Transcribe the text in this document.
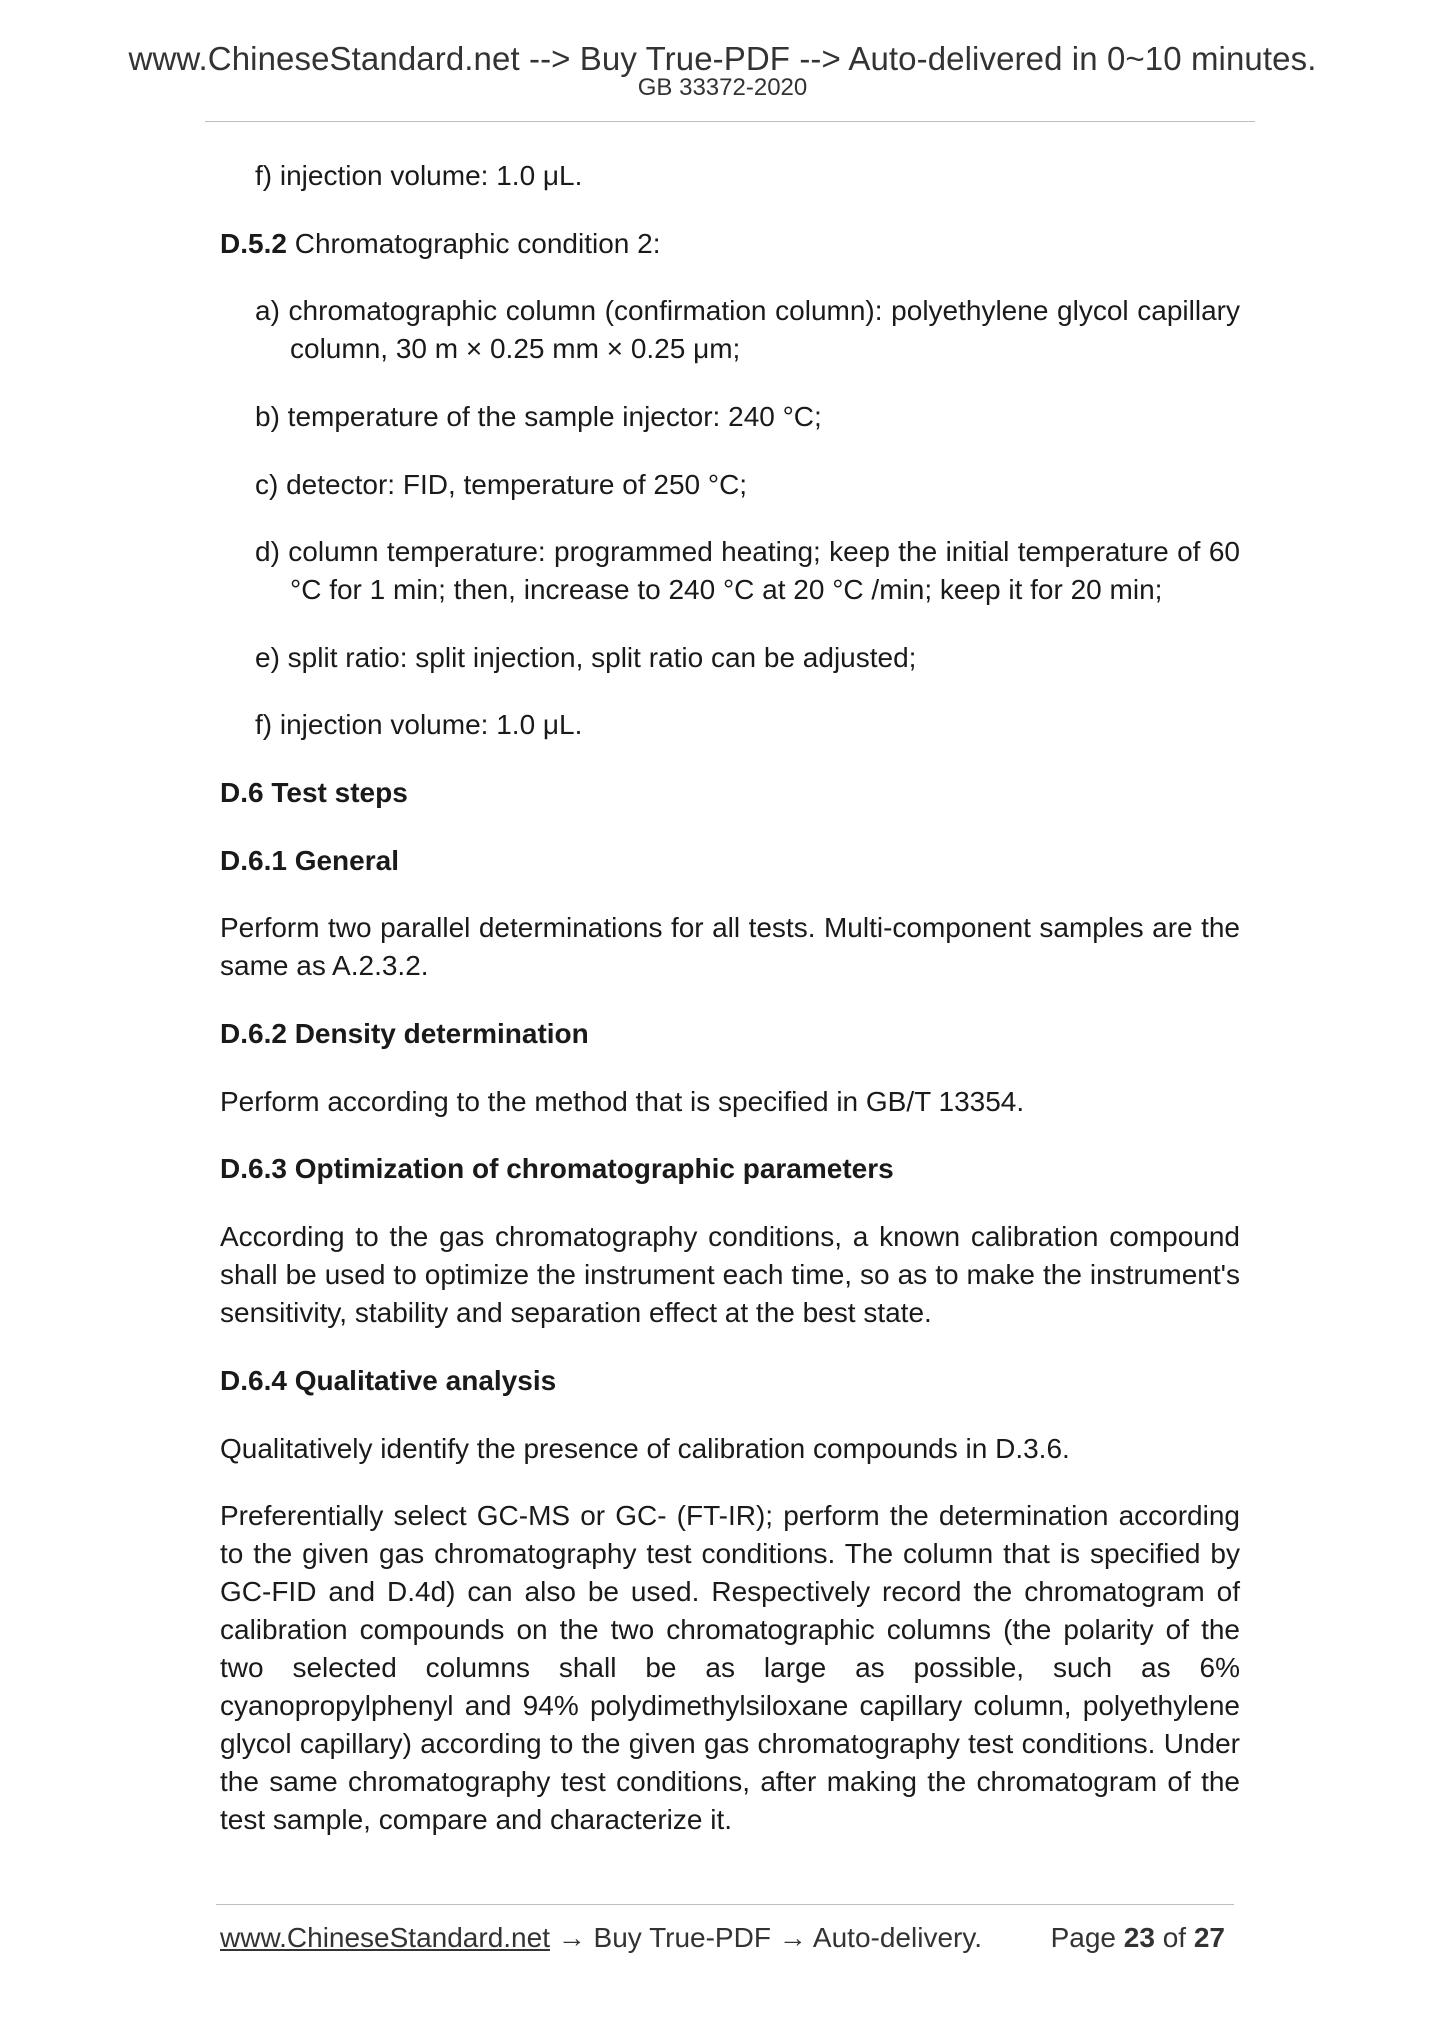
www.ChineseStandard.net --> Buy True-PDF --> Auto-delivered in 0~10 minutes.
GB 33372-2020

f) injection volume: 1.0 μL.

D.5.2 Chromatographic condition 2:

a) chromatographic column (confirmation column): polyethylene glycol capillary column, 30 m × 0.25 mm × 0.25 μm;

b) temperature of the sample injector: 240 °C;

c) detector: FID, temperature of 250 °C;

d) column temperature: programmed heating; keep the initial temperature of 60 °C for 1 min; then, increase to 240 °C at 20 °C /min; keep it for 20 min;

e) split ratio: split injection, split ratio can be adjusted;

f) injection volume: 1.0 μL.

D.6 Test steps

D.6.1 General

Perform two parallel determinations for all tests. Multi-component samples are the same as A.2.3.2.

D.6.2 Density determination

Perform according to the method that is specified in GB/T 13354.

D.6.3 Optimization of chromatographic parameters

According to the gas chromatography conditions, a known calibration compound shall be used to optimize the instrument each time, so as to make the instrument's sensitivity, stability and separation effect at the best state.

D.6.4 Qualitative analysis

Qualitatively identify the presence of calibration compounds in D.3.6.

Preferentially select GC-MS or GC- (FT-IR); perform the determination according to the given gas chromatography test conditions. The column that is specified by GC-FID and D.4d) can also be used. Respectively record the chromatogram of calibration compounds on the two chromatographic columns (the polarity of the two selected columns shall be as large as possible, such as 6% cyanopropylphenyl and 94% polydimethylsiloxane capillary column, polyethylene glycol capillary) according to the given gas chromatography test conditions. Under the same chromatography test conditions, after making the chromatogram of the test sample, compare and characterize it.

www.ChineseStandard.net → Buy True-PDF → Auto-delivery. Page 23 of 27
